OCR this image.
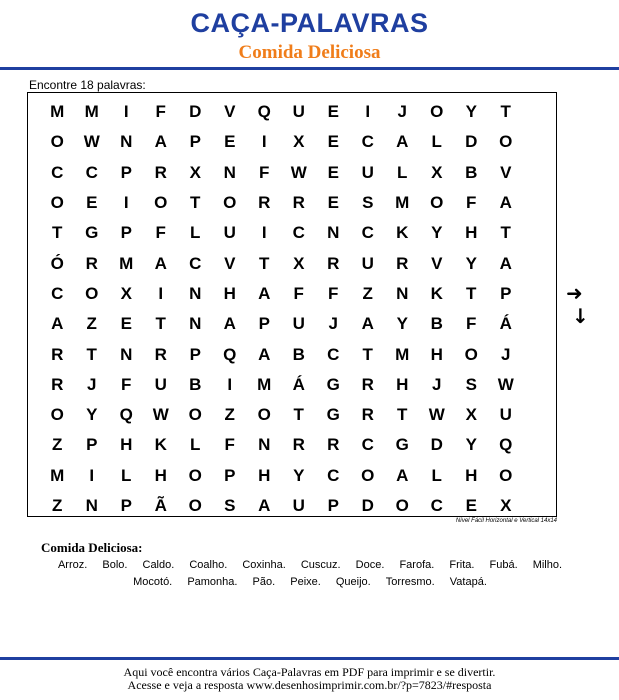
CAÇA-PALAVRAS
Comida Deliciosa
Encontre 18 palavras:
M	M	I	F	D	V	Q	U	E	I	J	O	Y	T
O	W	N	A	P	E	I	X	E	C	A	L	D	O
C	C	P	R	X	N	F	W	E	U	L	X	B	V
O	E	I	O	T	O	R	R	E	S	M	O	F	A
T	G	P	F	L	U	I	C	N	C	K	Y	H	T
Ó	R	M	A	C	V	T	X	R	U	R	V	Y	A
C	O	X	I	N	H	A	F	F	Z	N	K	T	P
A	Z	E	T	N	A	P	U	J	A	Y	B	F	Á
R	T	N	R	P	Q	A	B	C	T	M	H	O	J
R	J	F	U	B	I	M	Á	G	R	H	J	S	W
O	Y	Q	W	O	Z	O	T	G	R	T	W	X	U
Z	P	H	K	L	F	N	R	R	C	G	D	Y	Q
M	I	L	H	O	P	H	Y	C	O	A	L	H	O
Z	N	P	Ã	O	S	A	U	P	D	O	C	E	X
Nível Fácil Horizontal e Vertical 14x14
➜
↓
Comida Deliciosa:
Arroz. Bolo. Caldo. Coalho. Coxinha. Cuscuz. Doce. Farofa. Frita. Fubá. Milho. Mocotó. Pamonha. Pão. Peixe. Queijo. Torresmo. Vatapá.
Aqui você encontra vários Caça-Palavras em PDF para imprimir e se divertir.
Acesse e veja a resposta www.desenhosimprimir.com.br/?p=7823/#resposta
